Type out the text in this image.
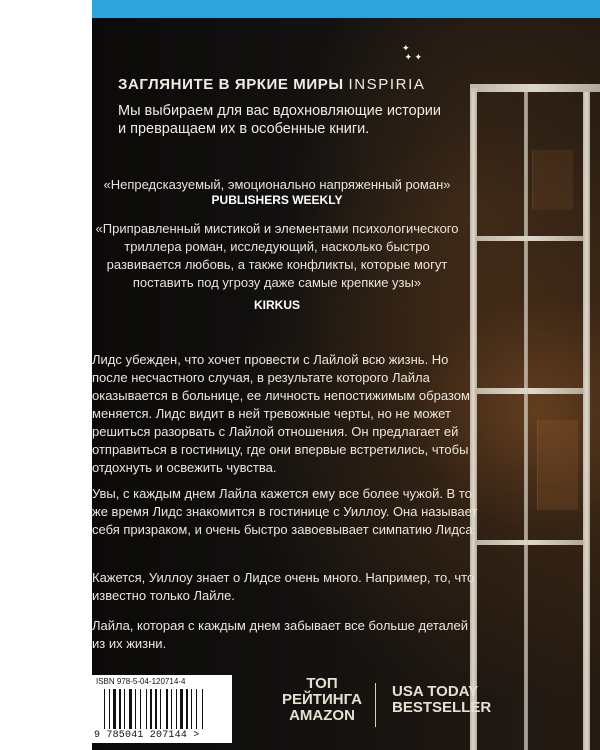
✦
✦ ✦
ЗАГЛЯНИТЕ В ЯРКИЕ МИРЫ INSPIRIA
Мы выбираем для вас вдохновляющие истории и превращаем их в особенные книги.
«Непредсказуемый, эмоционально напряженный роман»
PUBLISHERS WEEKLY
«Приправленный мистикой и элементами психологического триллера роман, исследующий, насколько быстро развивается любовь, а также конфликты, которые могут поставить под угрозу даже самые крепкие узы»
KIRKUS
Лидс убежден, что хочет провести с Лайлой всю жизнь. Но после несчастного случая, в результате которого Лайла оказывается в больнице, ее личность непостижимым образом меняется. Лидс видит в ней тревожные черты, но не может решиться разорвать с Лайлой отношения. Он предлагает ей отправиться в гостиницу, где они впервые встретились, чтобы отдохнуть и освежить чувства.
Увы, с каждым днем Лайла кажется ему все более чужой. В то же время Лидс знакомится в гостинице с Уиллоу. Она называет себя призраком, и очень быстро завоевывает симпатию Лидса.
Кажется, Уиллоу знает о Лидсе очень много. Например, то, что известно только Лайле.
Лайла, которая с каждым днем забывает все больше деталей из их жизни.
ISBN 978-5-04-120714-4
9 785041 207144 >
ТОП
РЕЙТИНГА
AMAZON
USA TODAY
BESTSELLER
